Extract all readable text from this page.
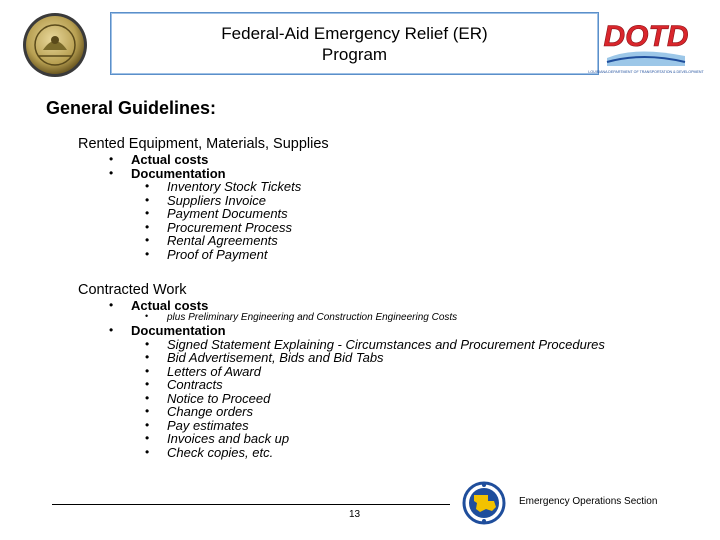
Federal-Aid Emergency Relief (ER)
Program
DOTD
LOUISIANA DEPARTMENT OF TRANSPORTATION & DEVELOPMENT
General Guidelines:
Rented Equipment, Materials, Supplies
• Actual costs
• Documentation
• Inventory Stock Tickets
• Suppliers Invoice
• Payment Documents
• Procurement Process
• Rental Agreements
• Proof of Payment
Contracted Work
• Actual costs
• plus Preliminary Engineering and Construction Engineering Costs
• Documentation
• Signed Statement Explaining - Circumstances and Procurement Procedures
• Bid Advertisement, Bids and Bid Tabs
• Letters of Award
• Contracts
• Notice to Proceed
• Change orders
• Pay estimates
• Invoices and back up
• Check copies, etc.
13
Emergency Operations Section
